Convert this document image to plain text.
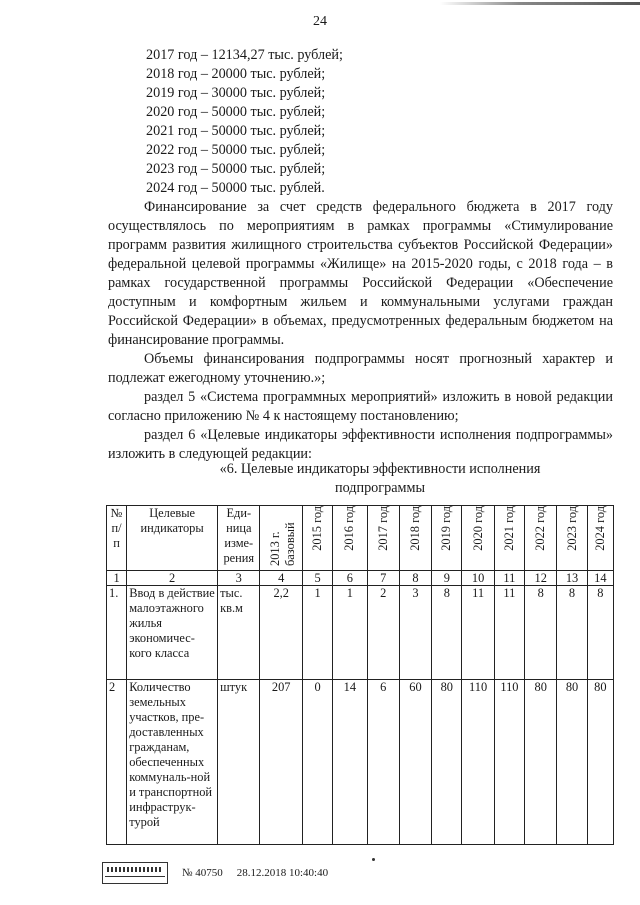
24
2017 год – 12134,27 тыс. рублей;
2018 год – 20000 тыс. рублей;
2019 год – 30000 тыс. рублей;
2020 год – 50000 тыс. рублей;
2021 год – 50000 тыс. рублей;
2022 год – 50000 тыс. рублей;
2023 год – 50000 тыс. рублей;
2024 год – 50000 тыс. рублей.

Финансирование за счет средств федерального бюджета в 2017 году осуществлялось по мероприятиям в рамках программы «Стимулирование программ развития жилищного строительства субъектов Российской Федерации» федеральной целевой программы «Жилище» на 2015-2020 годы, с 2018 года – в рамках государственной программы Российской Федерации «Обеспечение доступным и комфортным жильем и коммунальными услугами граждан Российской Федерации» в объемах, предусмотренных федеральным бюджетом на финансирование программы.

Объемы финансирования подпрограммы носят прогнозный характер и подлежат ежегодному уточнению.»;

раздел 5 «Система программных мероприятий» изложить в новой редакции согласно приложению № 4 к настоящему постановлению;

раздел 6 «Целевые индикаторы эффективности исполнения подпрограммы» изложить в следующей редакции:

«6. Целевые индикаторы эффективности исполнения
подпрограммы
№ п/п	Целевые индикаторы	Еди-ница изме-рения	2013 г. базовый	2015 год	2016 год	2017 год	2018 год	2019 год	2020 год	2021 год	2022 год	2023 год	2024 год

1	2	3	4	5	6	7	8	9	10	11	12	13	14
1.	Ввод в действие малоэтажного жилья экономичес-кого класса	тыс. кв.м	2,2	1	1	2	3	8	11	11	8	8	8
2	Количество земельных участков, пре-доставленных гражданам, обеспеченных коммуналь-ной и транспортной инфраструк-турой	штук	207	0	14	6	60	80	110	110	80	80	80
№ 40750 28.12.2018 10:40:40
